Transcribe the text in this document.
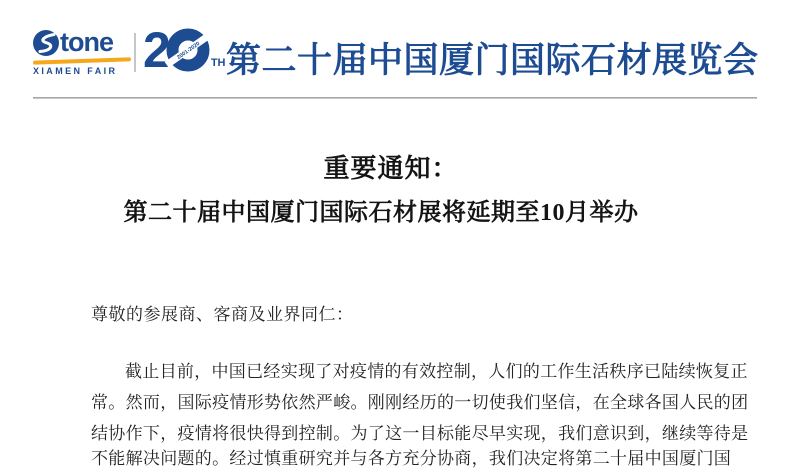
tone
XIAMEN FAIR 2 2001-2020
TH 第二十届中国厦门国际石材展览会
重要通知：
第二十届中国厦门国际石材展将延期至10月举办
尊敬的参展商、客商及业界同仁：
截止目前，中国已经实现了对疫情的有效控制，人们的工作生活秩序已陆续恢复正
常。然而，国际疫情形势依然严峻。刚刚经历的一切使我们坚信，在全球各国人民的团
结协作下，疫情将很快得到控制。为了这一目标能尽早实现，我们意识到，继续等待是
不能解决问题的。经过慎重研究并与各方充分协商，我们决定将第二十届中国厦门国
